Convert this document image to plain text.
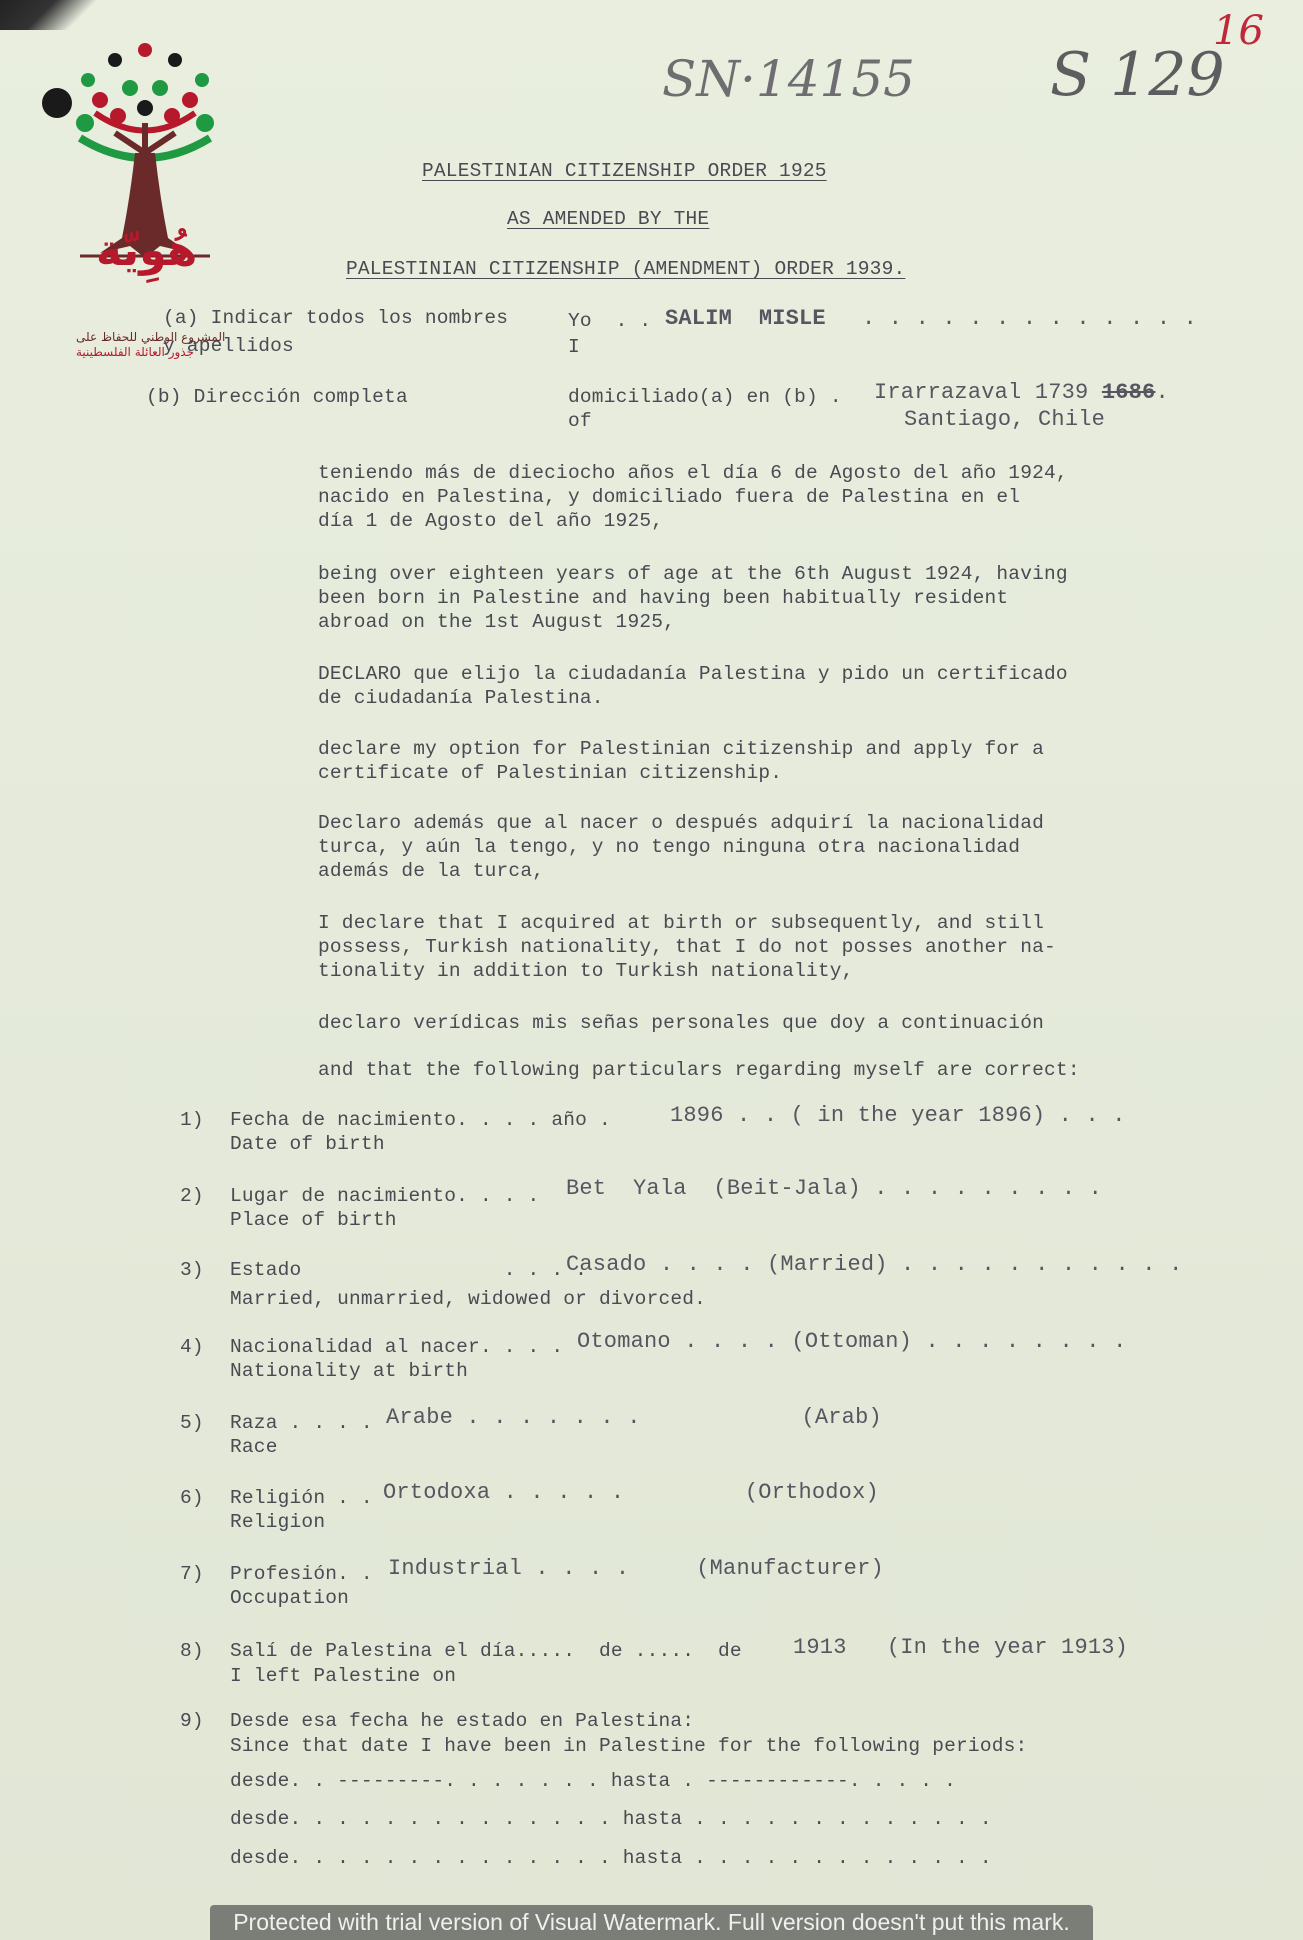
هُوِيّة
المشروع الوطني للحفاظ على
جذور العائلة الفلسطينية
SN·14155 S 129
16
PALESTINIAN CITIZENSHIP ORDER 1925
AS AMENDED BY THE
PALESTINIAN CITIZENSHIP (AMENDMENT) ORDER 1939.
(a) Indicar todos los nombres
y apellidos
Yo  . .
I
SALIM  MISLE . . . . . . . . . . . . .
(b) Dirección completa	domiciliado(a) en (b) .
of
Irarrazaval 1739 1686.
Santiago, Chile
teniendo más de dieciocho años el día 6 de Agosto del año 1924,
nacido en Palestina, y domiciliado fuera de Palestina en el
día 1 de Agosto del año 1925,
being over eighteen years of age at the 6th August 1924, having
been born in Palestine and having been habitually resident
abroad on the 1st August 1925,
DECLARO que elijo la ciudadanía Palestina y pido un certificado
de ciudadanía Palestina.
declare my option for Palestinian citizenship and apply for a
certificate of Palestinian citizenship.
Declaro además que al nacer o después adquirí la nacionalidad
turca, y aún la tengo, y no tengo ninguna otra nacionalidad
además de la turca,
I declare that I acquired at birth or subsequently, and still
possess, Turkish nationality, that I do not posses another na-
tionality in addition to Turkish nationality,
declaro verídicas mis señas personales que doy a continuación
and that the following particulars regarding myself are correct:
1) Fecha de nacimiento. . . . año .
Date of birth
1896 . . ( in the year 1896) . . .
2) Lugar de nacimiento. . . .
Place of birth
Bet  Yala  (Beit-Jala) . . . . . . . . .
3) Estado                 . . . .
Married, unmarried, widowed or divorced.
Casado . . . . (Married) . . . . . . . . . . .
4) Nacionalidad al nacer. . . .
Nationality at birth
Otomano . . . . (Ottoman) . . . . . . . .
5) Raza . . . .
Race
Arabe . . . . . . .            (Arab)
6) Religión . .
Religion
Ortodoxa . . . . .         (Orthodox)
7) Profesión. .
Occupation
Industrial . . . .     (Manufacturer)
8) Salí de Palestina el día.....  de .....  de
I left Palestine on
1913   (In the year 1913)
9) Desde esa fecha he estado en Palestina:
Since that date I have been in Palestine for the following periods:
desde. . ---------. . . . . . . hasta . ------------. . . . .
desde. . . . . . . . . . . . . . hasta . . . . . . . . . . . . .
desde. . . . . . . . . . . . . . hasta . . . . . . . . . . . . .
Protected with trial version of Visual Watermark. Full version doesn't put this mark.
